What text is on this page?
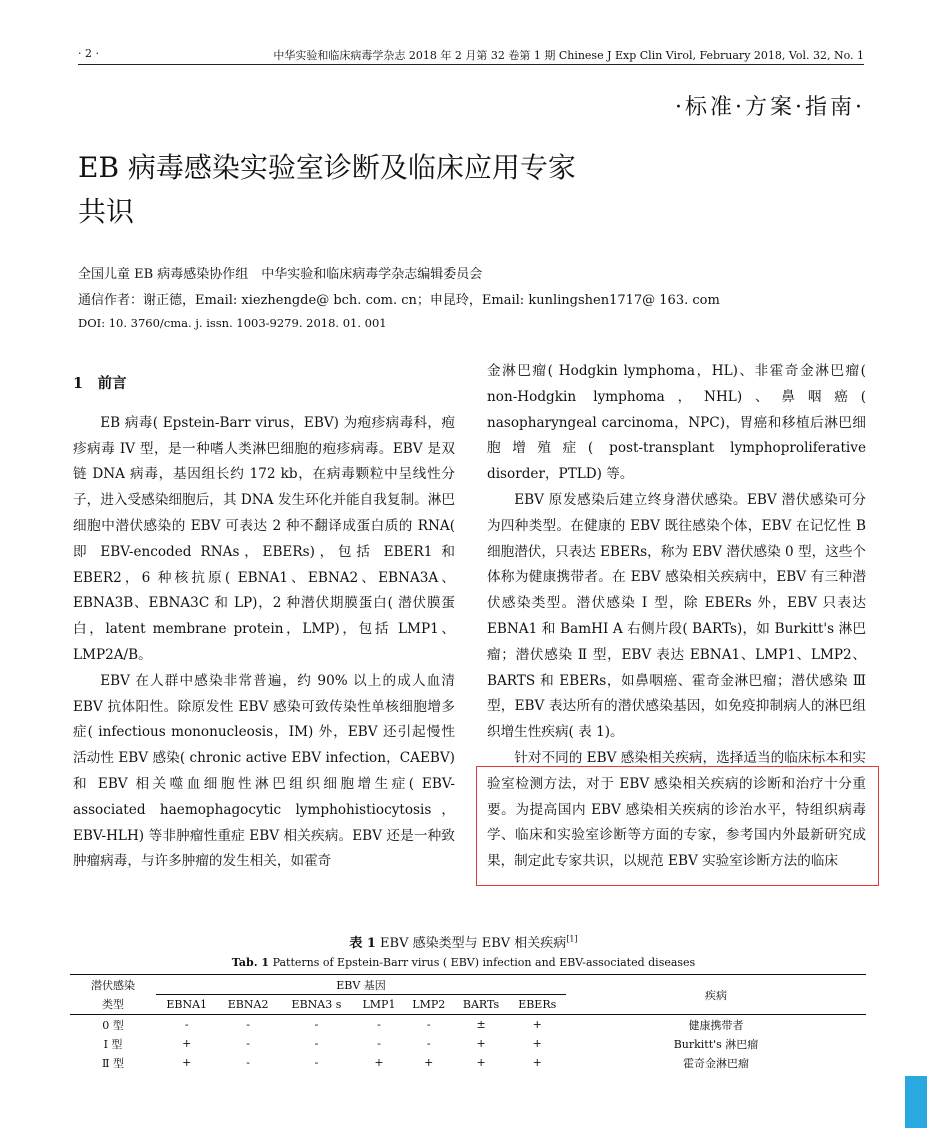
· 2 ·	中华实验和临床病毒学杂志 2018 年 2 月第 32 卷第 1 期 Chinese J Exp Clin Virol, February 2018, Vol. 32, No. 1
·标准·方案·指南·
EB 病毒感染实验室诊断及临床应用专家
共识
全国儿童 EB 病毒感染协作组　中华实验和临床病毒学杂志编辑委员会
通信作者：谢正德，Email: xiezhengde@ bch. com. cn；申昆玲，Email: kunlingshen1717@ 163. com
DOI: 10. 3760/cma. j. issn. 1003-9279. 2018. 01. 001

1　前言

EB 病毒( Epstein-Barr virus，EBV) 为疱疹病毒科，疱疹病毒 IV 型，是一种嗜人类淋巴细胞的疱疹病毒。EBV 是双链 DNA 病毒，基因组长约 172 kb，在病毒颗粒中呈线性分子，进入受感染细胞后，其 DNA 发生环化并能自我复制。淋巴细胞中潜伏感染的 EBV 可表达 2 种不翻译成蛋白质的 RNA( 即 EBV-encoded RNAs，EBERs)，包括 EBER1 和 EBER2，6 种核抗原( EBNA1、EBNA2、EBNA3A、EBNA3B、EBNA3C 和 LP)，2 种潜伏期膜蛋白( 潜伏膜蛋白，latent membrane protein，LMP)，包括 LMP1、LMP2A/B。

EBV 在人群中感染非常普遍，约 90% 以上的成人血清 EBV 抗体阳性。除原发性 EBV 感染可致传染性单核细胞增多症( infectious mononucleosis，IM) 外，EBV 还引起慢性活动性 EBV 感染( chronic active EBV infection，CAEBV) 和 EBV 相关噬血细胞性淋巴组织细胞增生症( EBV-associated haemophagocytic lymphohistiocytosis，EBV-HLH) 等非肿瘤性重症 EBV 相关疾病。EBV 还是一种致肿瘤病毒，与许多肿瘤的发生相关，如霍奇

金淋巴瘤( Hodgkin lymphoma，HL)、非霍奇金淋巴瘤( non-Hodgkin lymphoma，NHL)、鼻咽癌( nasopharyngeal carcinoma，NPC)，胃癌和移植后淋巴细胞增殖症( post-transplant lymphoproliferative disorder，PTLD) 等。

EBV 原发感染后建立终身潜伏感染。EBV 潜伏感染可分为四种类型。在健康的 EBV 既往感染个体，EBV 在记忆性 B 细胞潜伏，只表达 EBERs，称为 EBV 潜伏感染 0 型，这些个体称为健康携带者。在 EBV 感染相关疾病中，EBV 有三种潜伏感染类型。潜伏感染 Ⅰ 型，除 EBERs 外，EBV 只表达 EBNA1 和 BamHI A 右侧片段( BARTs)，如 Burkitt's 淋巴瘤；潜伏感染 Ⅱ 型，EBV 表达 EBNA1、LMP1、LMP2、BARTS 和 EBERs，如鼻咽癌、霍奇金淋巴瘤；潜伏感染 Ⅲ 型，EBV 表达所有的潜伏感染基因，如免疫抑制病人的淋巴组织增生性疾病( 表 1)。

针对不同的 EBV 感染相关疾病，选择适当的临床标本和实验室检测方法，对于 EBV 感染相关疾病的诊断和治疗十分重要。为提高国内 EBV 感染相关疾病的诊治水平，特组织病毒学、临床和实验室诊断等方面的专家，参考国内外最新研究成果，制定此专家共识，以规范 EBV 实验室诊断方法的临床

表 1 EBV 感染类型与 EBV 相关疾病[1]
Tab. 1 Patterns of Epstein-Barr virus ( EBV) infection and EBV-associated diseases
潜伏感染	EBV 基因							疾病
类型	EBNA1	EBNA2	EBNA3 s	LMP1	LMP2	BARTs	EBERs	
0 型	-	-	-	-	-	±	+	健康携带者
Ⅰ 型	+	-	-	-	-	+	+	Burkitt's 淋巴瘤
Ⅱ 型	+	-	-	+	+	+	+	霍奇金淋巴瘤
